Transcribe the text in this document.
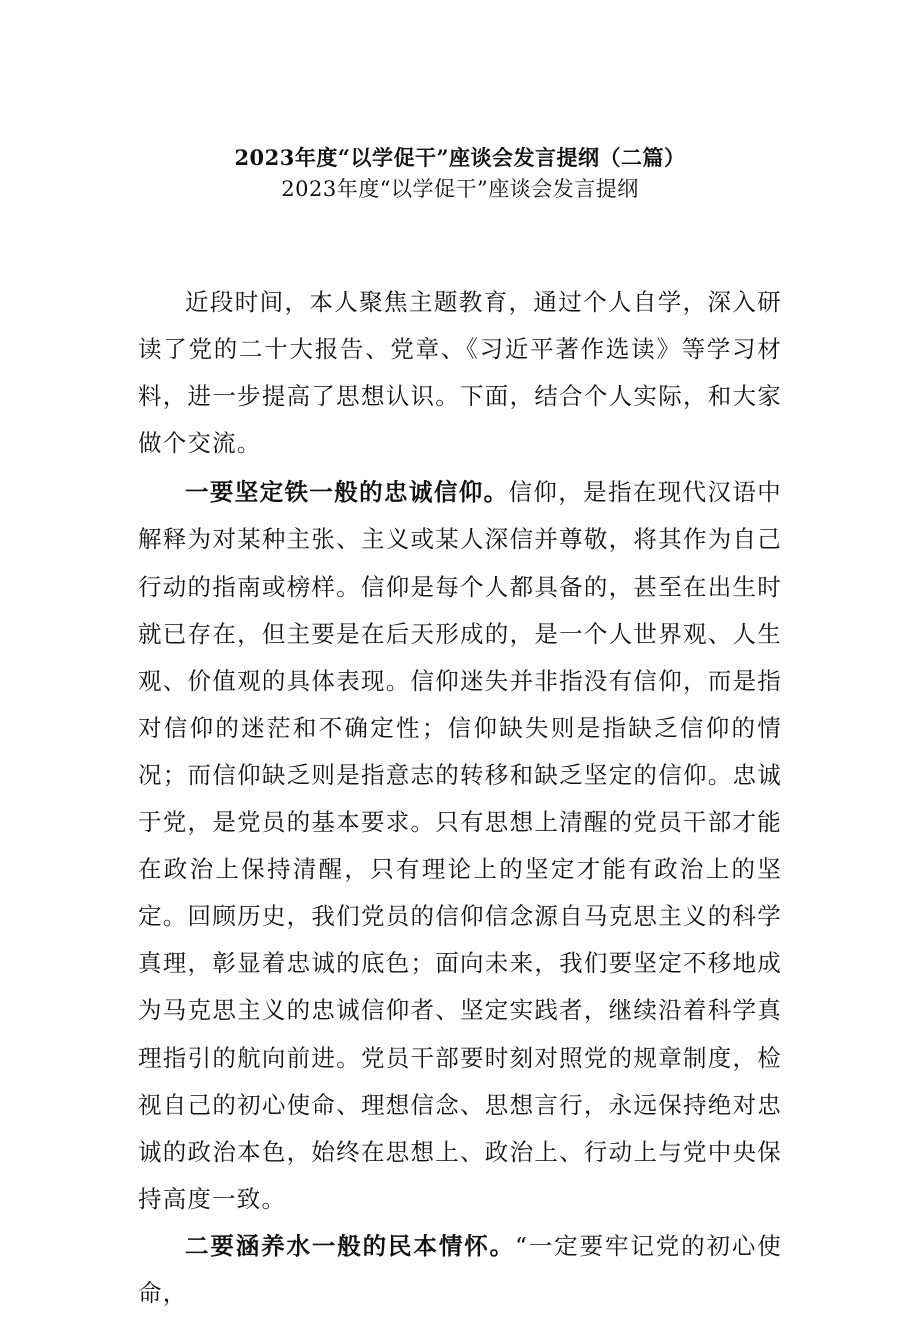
2023年度“以学促干”座谈会发言提纲（二篇）
2023年度“以学促干”座谈会发言提纲

近段时间，本人聚焦主题教育，通过个人自学，深入研读了党的二十大报告、党章、《习近平著作选读》等学习材料，进一步提高了思想认识。下面，结合个人实际，和大家做个交流。

一要坚定铁一般的忠诚信仰。信仰，是指在现代汉语中解释为对某种主张、主义或某人深信并尊敬，将其作为自己行动的指南或榜样。信仰是每个人都具备的，甚至在出生时就已存在，但主要是在后天形成的，是一个人世界观、人生观、价值观的具体表现。信仰迷失并非指没有信仰，而是指对信仰的迷茫和不确定性；信仰缺失则是指缺乏信仰的情况；而信仰缺乏则是指意志的转移和缺乏坚定的信仰。忠诚于党，是党员的基本要求。只有思想上清醒的党员干部才能在政治上保持清醒，只有理论上的坚定才能有政治上的坚定。回顾历史，我们党员的信仰信念源自马克思主义的科学真理，彰显着忠诚的底色；面向未来，我们要坚定不移地成为马克思主义的忠诚信仰者、坚定实践者，继续沿着科学真理指引的航向前进。党员干部要时刻对照党的规章制度，检视自己的初心使命、理想信念、思想言行，永远保持绝对忠诚的政治本色，始终在思想上、政治上、行动上与党中央保持高度一致。

二要涵养水一般的民本情怀。“一定要牢记党的初心使命，
